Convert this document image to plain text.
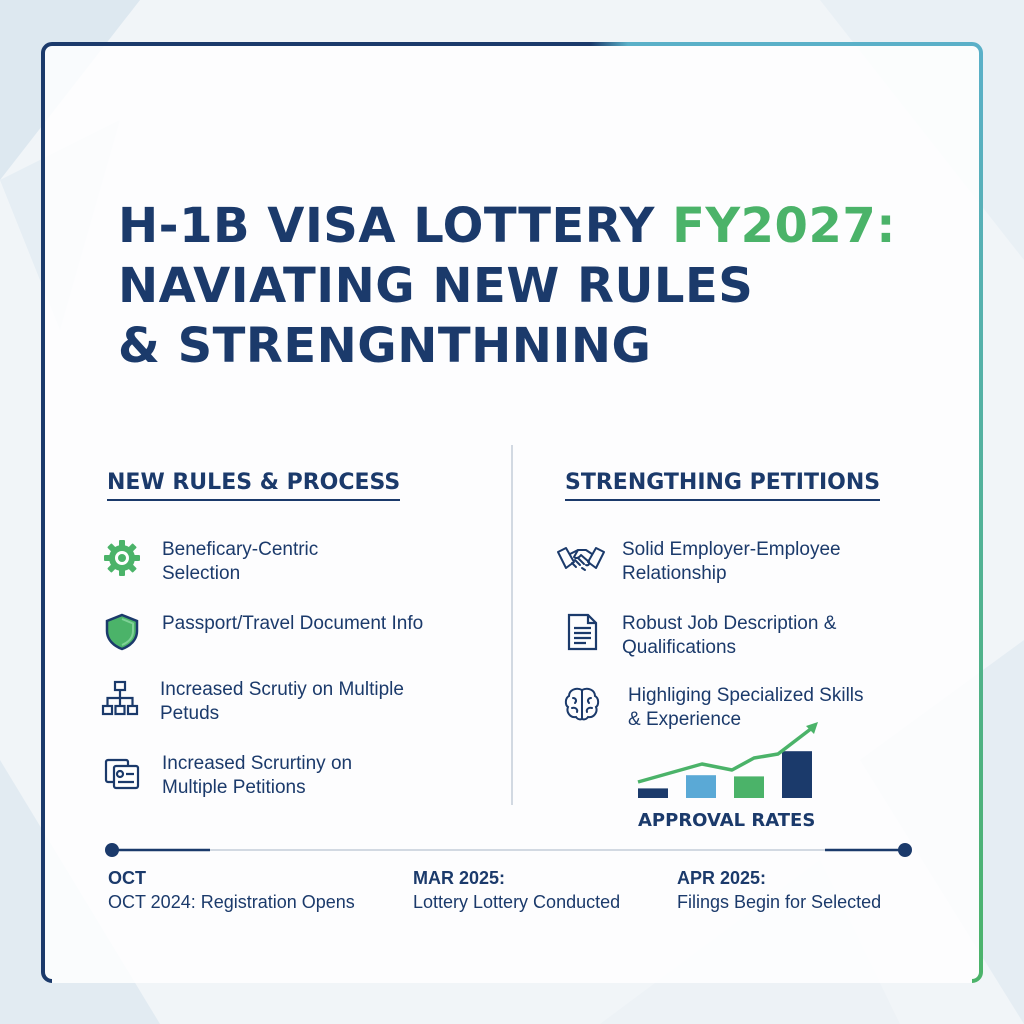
H-1B VISA LOTTERY FY2027:
NAVIATING NEW RULES
& STRENGNTHNING
NEW RULES & PROCESS
Beneficary-Centric
Selection
Passport/Travel Document Info
Increased Scrutiy on Multiple
Petuds
Increased Scrurtiny on
Multiple Petitions
STRENGTHING PETITIONS
Solid Employer-Employee
Relationship
Robust Job Description &
Qualifications
Highliging Specialized Skills
& Experience
APPROVAL RATES
OCT
OCT 2024: Registration Opens
MAR 2025:
Lottery Lottery Conducted
APR 2025:
Filings Begin for Selected
